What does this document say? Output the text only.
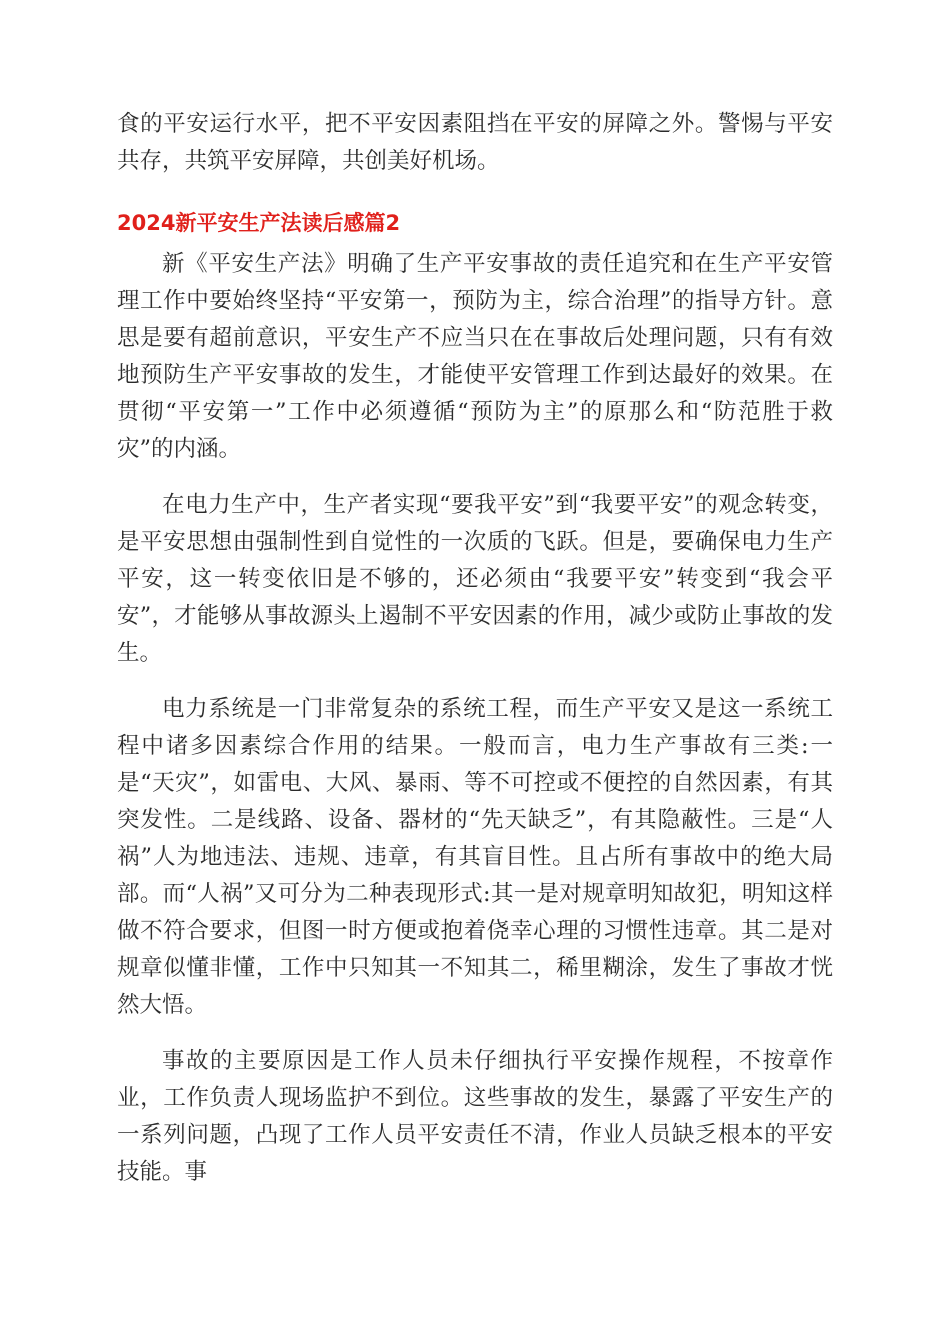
食的平安运行水平，把不平安因素阻挡在平安的屏障之外。警惕与平安共存，共筑平安屏障，共创美好机场。

2024新平安生产法读后感篇2

新《平安生产法》明确了生产平安事故的责任追究和在生产平安管理工作中要始终坚持“平安第一，预防为主，综合治理”的指导方针。意思是要有超前意识，平安生产不应当只在在事故后处理问题，只有有效地预防生产平安事故的发生，才能使平安管理工作到达最好的效果。在贯彻“平安第一”工作中必须遵循“预防为主”的原那么和“防范胜于救灾”的内涵。

在电力生产中，生产者实现“要我平安”到“我要平安”的观念转变，是平安思想由强制性到自觉性的一次质的飞跃。但是，要确保电力生产平安，这一转变依旧是不够的，还必须由“我要平安”转变到“我会平安”，才能够从事故源头上遏制不平安因素的作用，减少或防止事故的发生。

电力系统是一门非常复杂的系统工程，而生产平安又是这一系统工程中诸多因素综合作用的结果。一般而言，电力生产事故有三类:一是“天灾”，如雷电、大风、暴雨、等不可控或不便控的自然因素，有其突发性。二是线路、设备、器材的“先天缺乏”，有其隐蔽性。三是“人祸”人为地违法、违规、违章，有其盲目性。且占所有事故中的绝大局部。而“人祸”又可分为二种表现形式:其一是对规章明知故犯，明知这样做不符合要求，但图一时方便或抱着侥幸心理的习惯性违章。其二是对规章似懂非懂，工作中只知其一不知其二，稀里糊涂，发生了事故才恍然大悟。

事故的主要原因是工作人员未仔细执行平安操作规程，不按章作业，工作负责人现场监护不到位。这些事故的发生，暴露了平安生产的一系列问题，凸现了工作人员平安责任不清，作业人员缺乏根本的平安技能。事
